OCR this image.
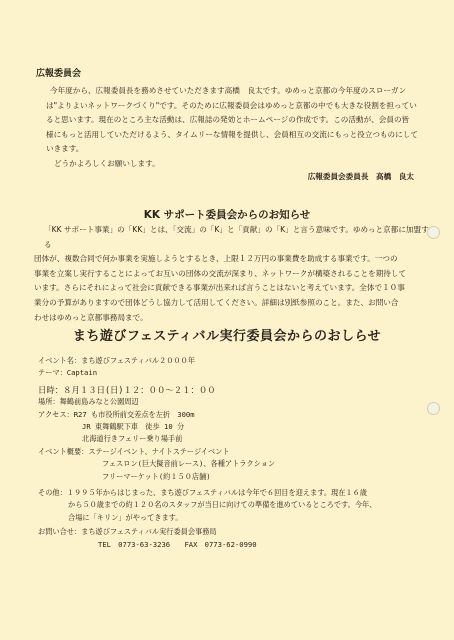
広報委員会

今年度から、広報委員長を務めさせていただきます高橋　良太です。ゆめっと京都の今年度のスローガン

は"よりよいネットワークづくり"です。そのために広報委員会はゆめっと京都の中でも大きな役割を担ってい

ると思います。現在のところ主な活動は、広報誌の発効とホームページの作成です。この活動が、会員の皆

様にもっと活用していただけるよう、タイムリーな情報を提供し、会員相互の交流にもっと役立つものにして

いきます。

どうかよろしくお願いします。

広報委員会委員長　高橋　良太
KK サポート委員会からのお知らせ

「KK サポート事業」の「KK」とは、「交流」の「K」と「貢献」の「K」と言う意味です。ゆめっと京都に加盟する

団体が、複数合同で何か事業を実施しようとするとき、上限１２万円の事業費を助成する事業です。一つの

事業を立案し実行することによってお互いの団体の交流が深まり、ネットワークが構築されることを期待して

います。さらにそれによって社会に貢献できる事業が出来れば言うことはないと考えています。全体で１０事

業分の予算がありますので団体どうし協力して活用してください。詳細は別紙参照のこと。また、お問い合

わせはゆめっと京都事務局まで。

まち遊びフェスティバル実行委員会からのおしらせ
イベント名：まち遊びフェスティバル２０００年
テーマ：Captain
日時：８月１３日(日)１２：００～２１：００
場所：舞鶴前島みなと公園周辺
アクセス：R27 も市役所前交差点を左折　300m
JR 東舞鶴駅下車　徒歩 10 分
北海道行きフェリー乗り場手前
イベント概要：ステージイベント、ナイトステージイベント
フェスロン(巨大擬音前レース)、各種アトラクション
フリーマーケット(約１５０店舗)
その他：１９９５年からはじまった、まち遊びフェスティバルは今年で６回目を迎えます。現在１６歳
から５０歳までの約１２０名のスタッフが当日に向けての準備を進めているところです。今年、
合場に「キリン」がやってきます。
お問い合せ：まち遊びフェスティバル実行委員会事務局
TEL　0773-63-3236　　FAX　0773-62-0990
